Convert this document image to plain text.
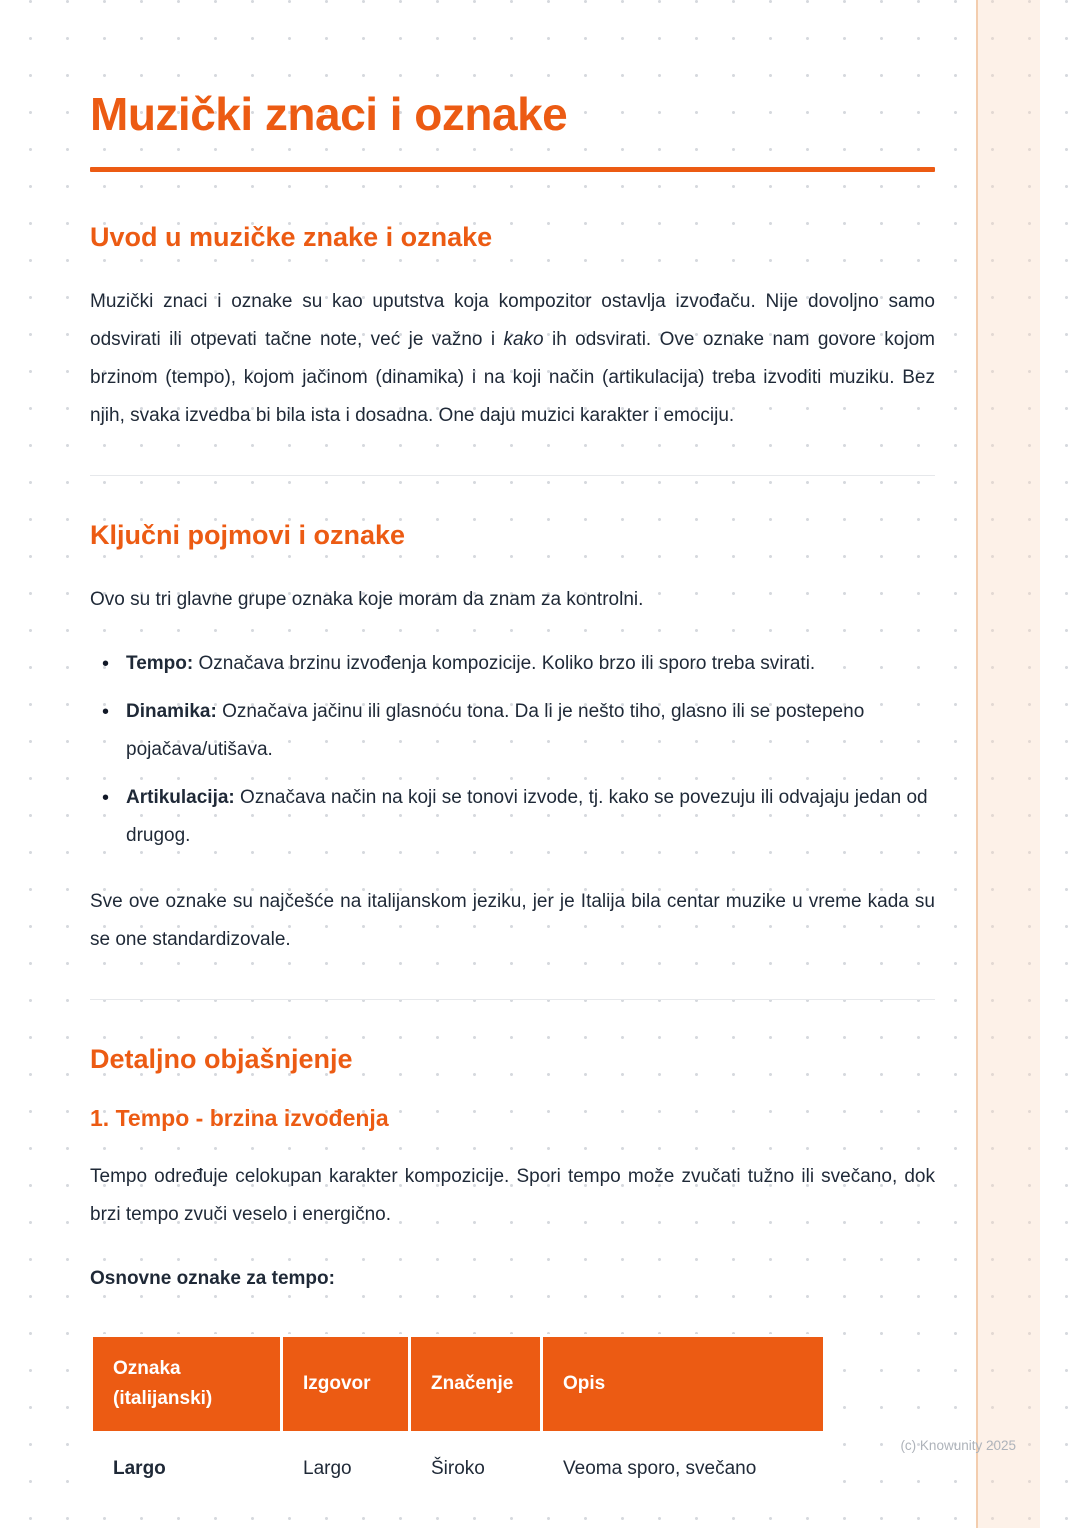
Muzički znaci i oznake
Uvod u muzičke znake i oznake

Muzički znaci i oznake su kao uputstva koja kompozitor ostavlja izvođaču. Nije dovoljno samo odsvirati ili otpevati tačne note, već je važno i kako ih odsvirati. Ove oznake nam govore kojom brzinom (tempo), kojom jačinom (dinamika) i na koji način (artikulacija) treba izvoditi muziku. Bez njih, svaka izvedba bi bila ista i dosadna. One daju muzici karakter i emociju.

Ključni pojmovi i oznake

Ovo su tri glavne grupe oznaka koje moram da znam za kontrolni.

• Tempo: Označava brzinu izvođenja kompozicije. Koliko brzo ili sporo treba svirati.
• Dinamika: Označava jačinu ili glasnoću tona. Da li je nešto tiho, glasno ili se postepeno pojačava/utišava.
• Artikulacija: Označava način na koji se tonovi izvode, tj. kako se povezuju ili odvajaju jedan od drugog.

Sve ove oznake su najčešće na italijanskom jeziku, jer je Italija bila centar muzike u vreme kada su se one standardizovale.

Detaljno objašnjenje
1. Tempo - brzina izvođenja

Tempo određuje celokupan karakter kompozicije. Spori tempo može zvučati tužno ili svečano, dok brzi tempo zvuči veselo i energično.

Osnovne oznake za tempo:

Oznaka (italijanski)	Izgovor	Značenje	Opis
Largo	Largo	Široko	Veoma sporo, svečano
(c) Knowunity 2025
